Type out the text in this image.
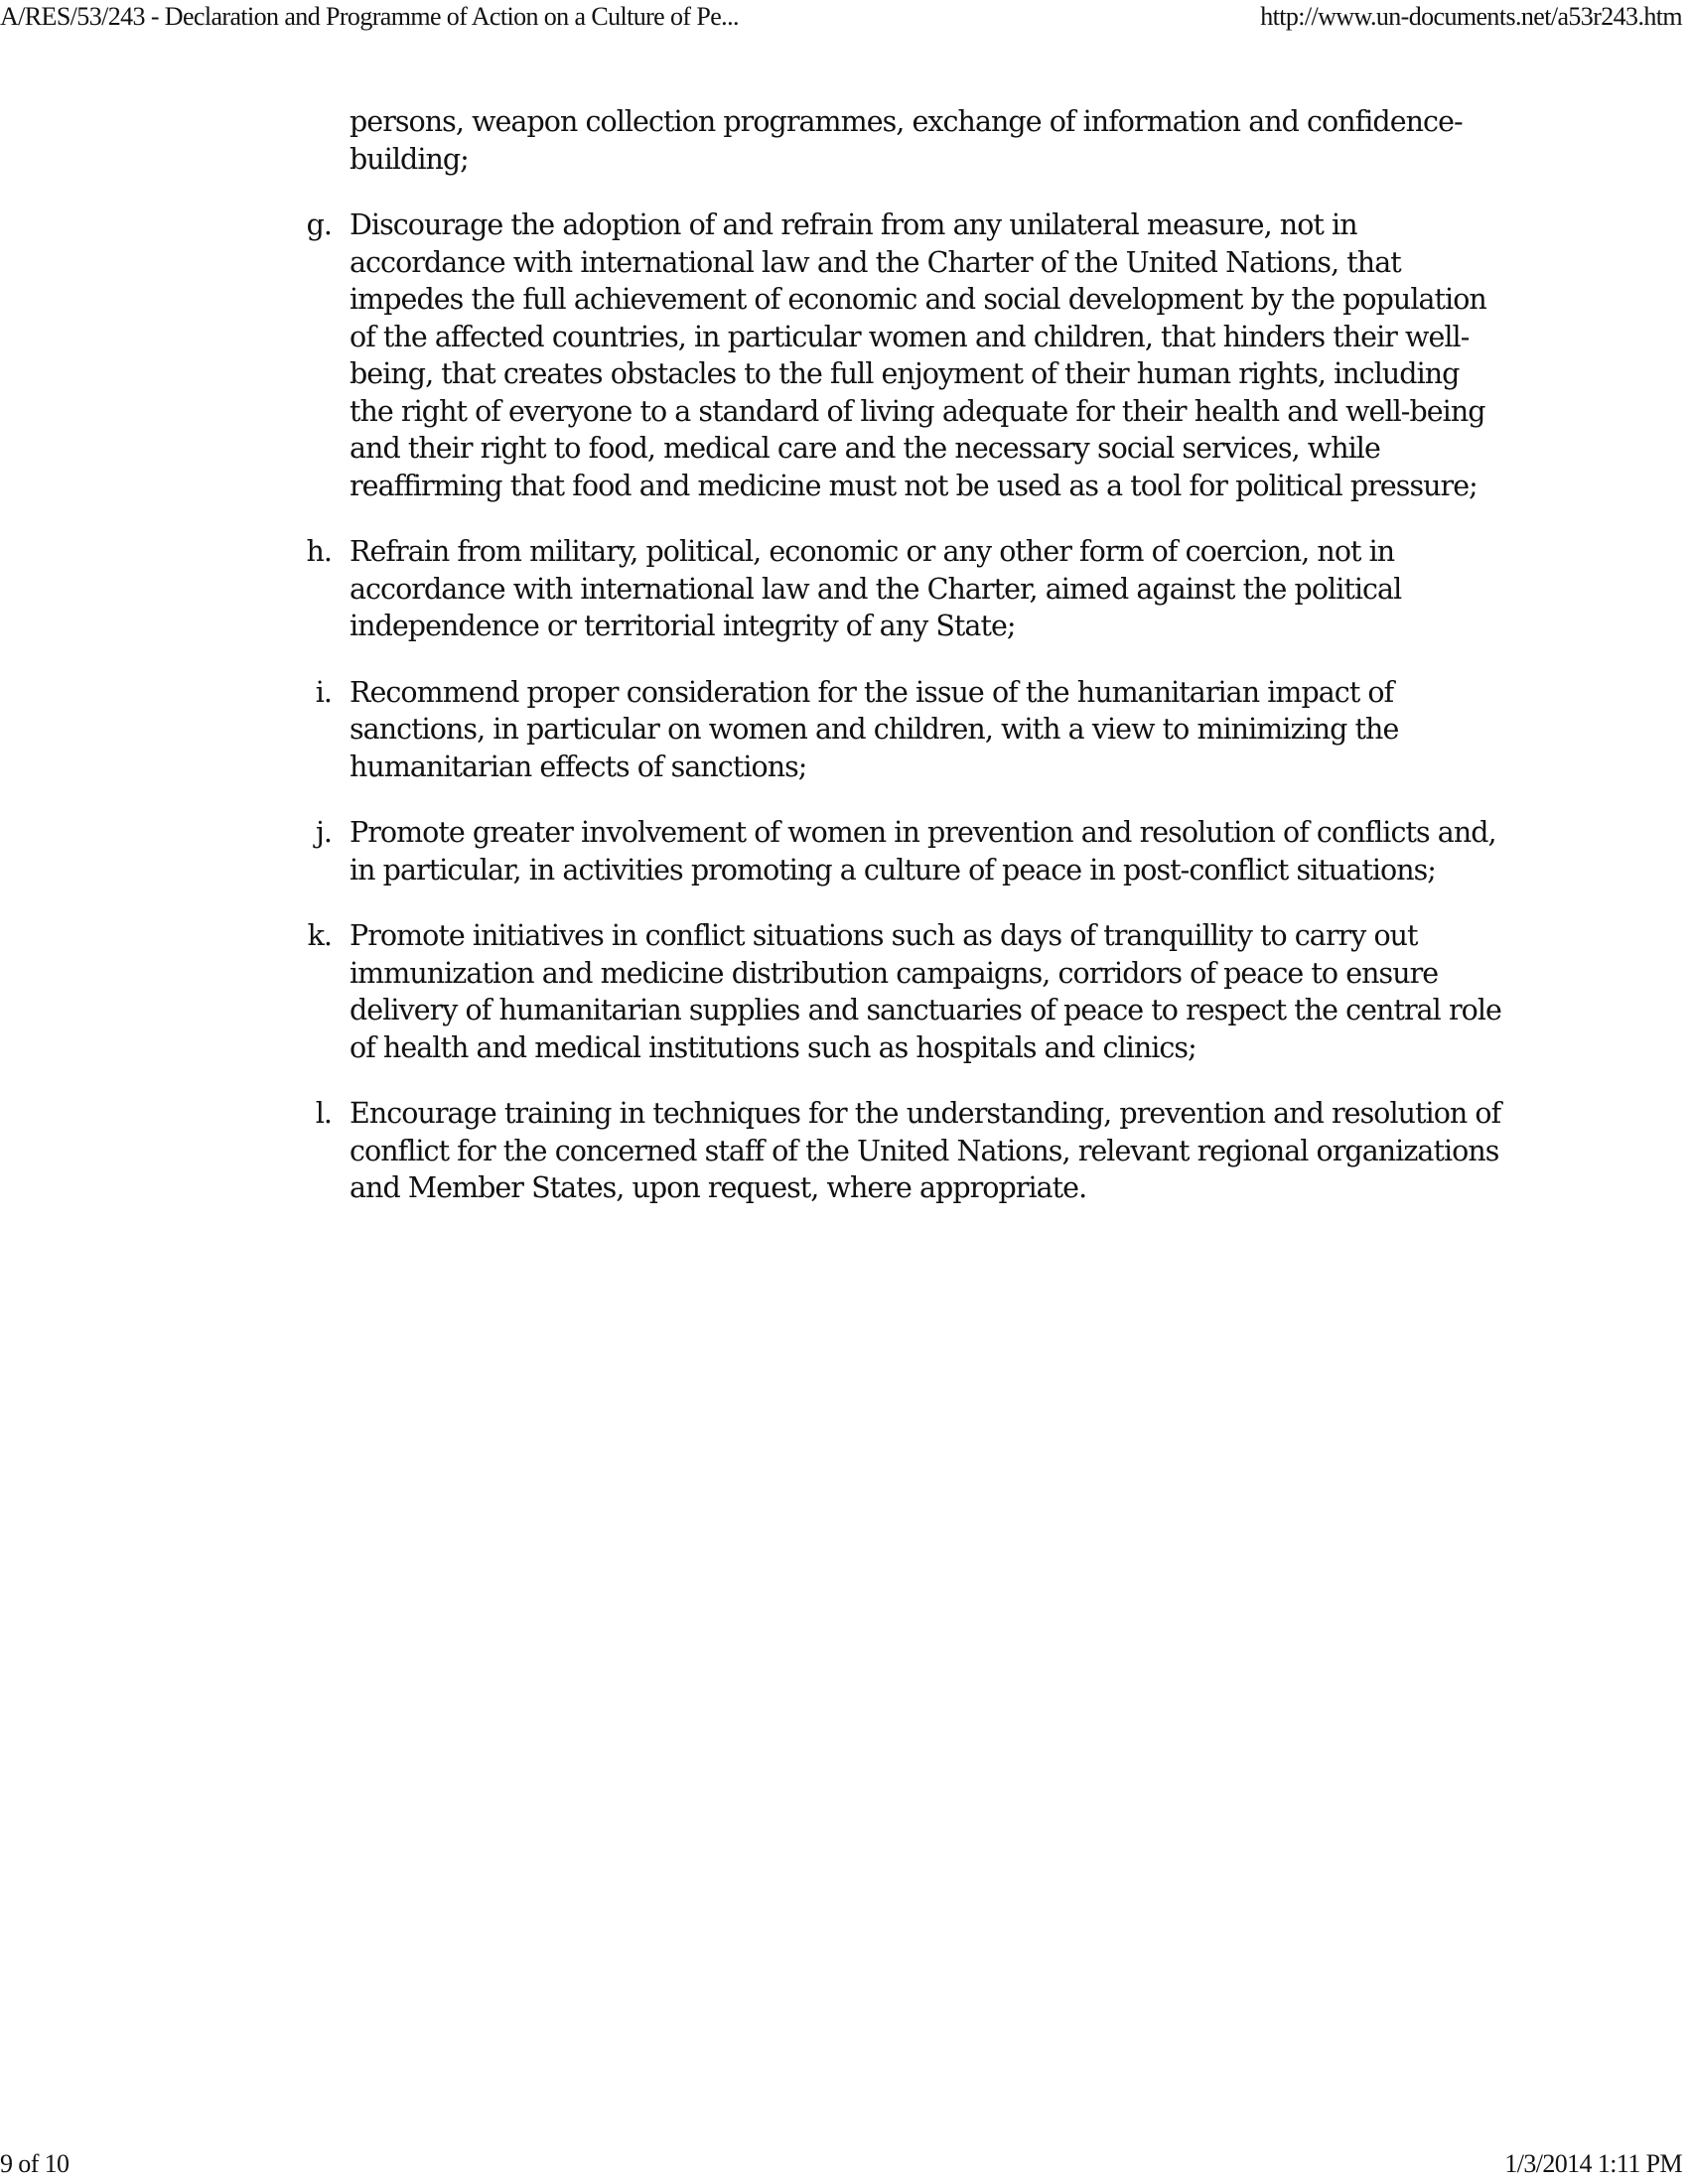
A/RES/53/243 - Declaration and Programme of Action on a Culture of Pe...	http://www.un-documents.net/a53r243.htm
persons, weapon collection programmes, exchange of information and confidence-building;
g. Discourage the adoption of and refrain from any unilateral measure, not in accordance with international law and the Charter of the United Nations, that impedes the full achievement of economic and social development by the population of the affected countries, in particular women and children, that hinders their well-being, that creates obstacles to the full enjoyment of their human rights, including the right of everyone to a standard of living adequate for their health and well-being and their right to food, medical care and the necessary social services, while reaffirming that food and medicine must not be used as a tool for political pressure;
h. Refrain from military, political, economic or any other form of coercion, not in accordance with international law and the Charter, aimed against the political independence or territorial integrity of any State;
i. Recommend proper consideration for the issue of the humanitarian impact of sanctions, in particular on women and children, with a view to minimizing the humanitarian effects of sanctions;
j. Promote greater involvement of women in prevention and resolution of conflicts and, in particular, in activities promoting a culture of peace in post-conflict situations;
k. Promote initiatives in conflict situations such as days of tranquillity to carry out immunization and medicine distribution campaigns, corridors of peace to ensure delivery of humanitarian supplies and sanctuaries of peace to respect the central role of health and medical institutions such as hospitals and clinics;
l. Encourage training in techniques for the understanding, prevention and resolution of conflict for the concerned staff of the United Nations, relevant regional organizations and Member States, upon request, where appropriate.
9 of 10	1/3/2014 1:11 PM
